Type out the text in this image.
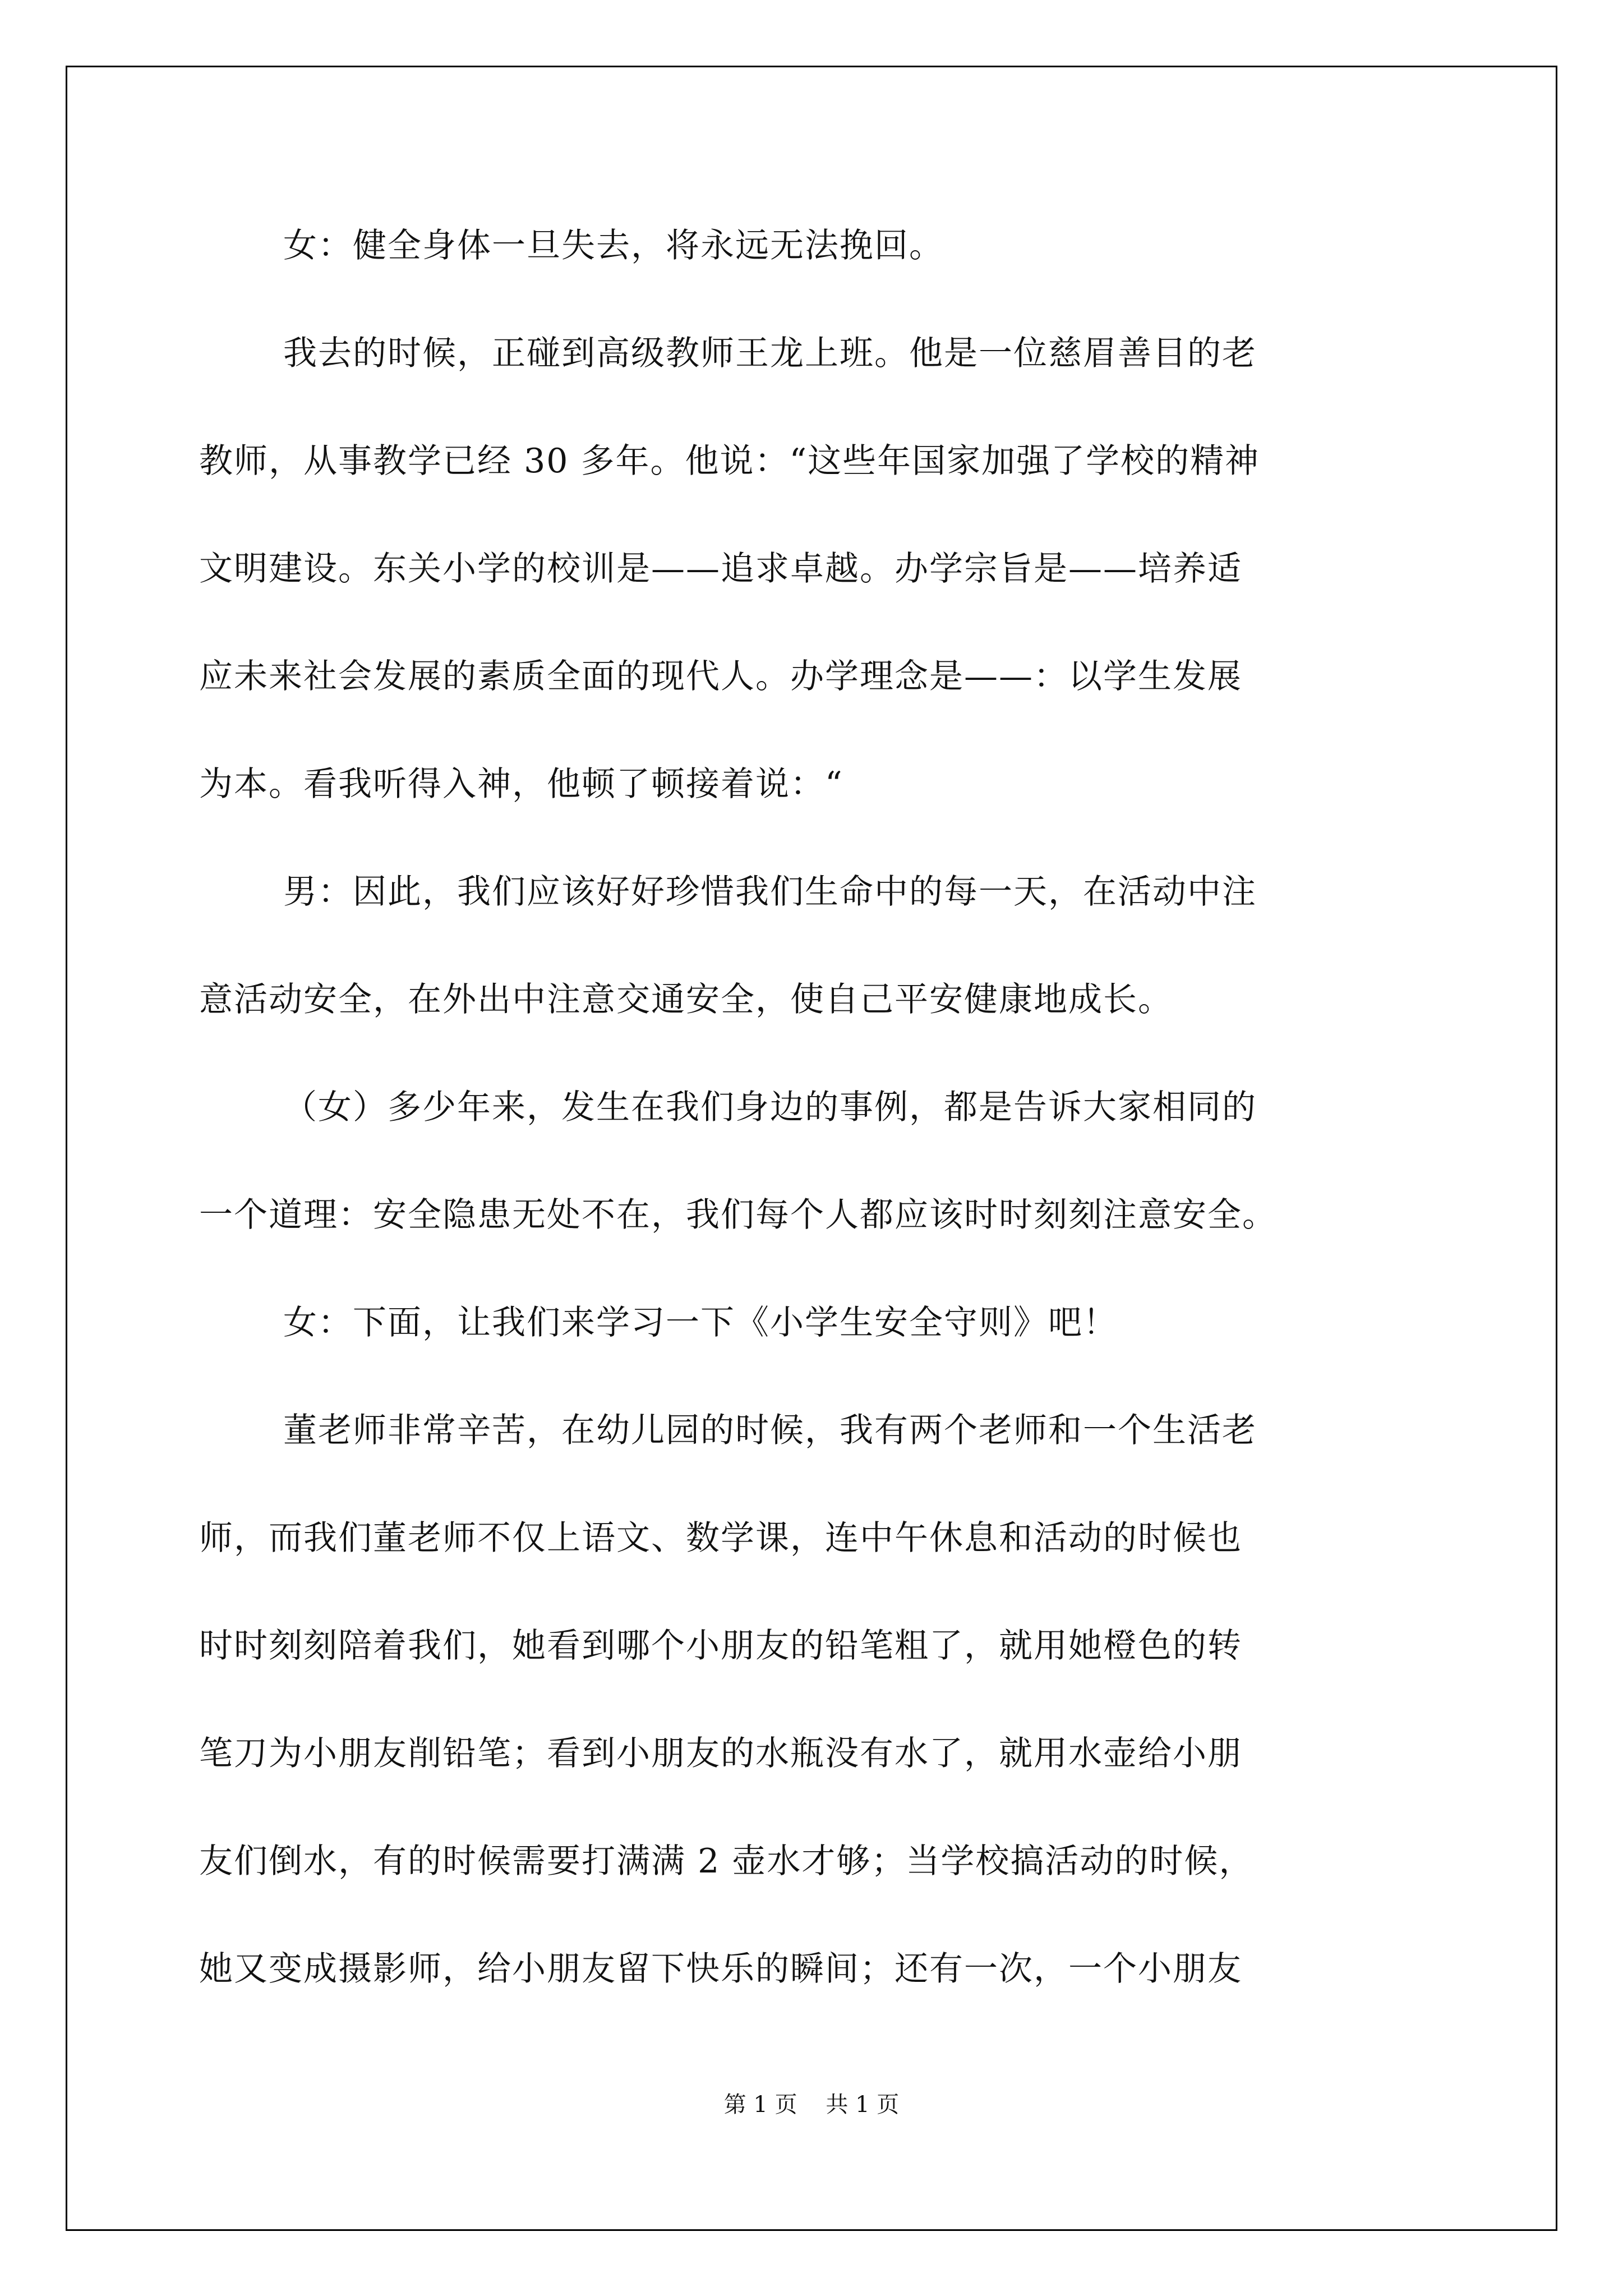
女：健全身体一旦失去，将永远无法挽回。
我去的时候，正碰到高级教师王龙上班。他是一位慈眉善目的老
教师，从事教学已经 30 多年。他说：“这些年国家加强了学校的精神
文明建设。东关小学的校训是——追求卓越。办学宗旨是——培养适
应未来社会发展的素质全面的现代人。办学理念是——：以学生发展
为本。看我听得入神，他顿了顿接着说：“
男：因此，我们应该好好珍惜我们生命中的每一天，在活动中注
意活动安全，在外出中注意交通安全，使自己平安健康地成长。
（女）多少年来，发生在我们身边的事例，都是告诉大家相同的
一个道理：安全隐患无处不在，我们每个人都应该时时刻刻注意安全。
女：下面，让我们来学习一下《小学生安全守则》吧！
董老师非常辛苦，在幼儿园的时候，我有两个老师和一个生活老
师，而我们董老师不仅上语文、数学课，连中午休息和活动的时候也
时时刻刻陪着我们，她看到哪个小朋友的铅笔粗了，就用她橙色的转
笔刀为小朋友削铅笔；看到小朋友的水瓶没有水了，就用水壶给小朋
友们倒水，有的时候需要打满满 2 壶水才够；当学校搞活动的时候，
她又变成摄影师，给小朋友留下快乐的瞬间；还有一次，一个小朋友
第 1 页    共 1 页
